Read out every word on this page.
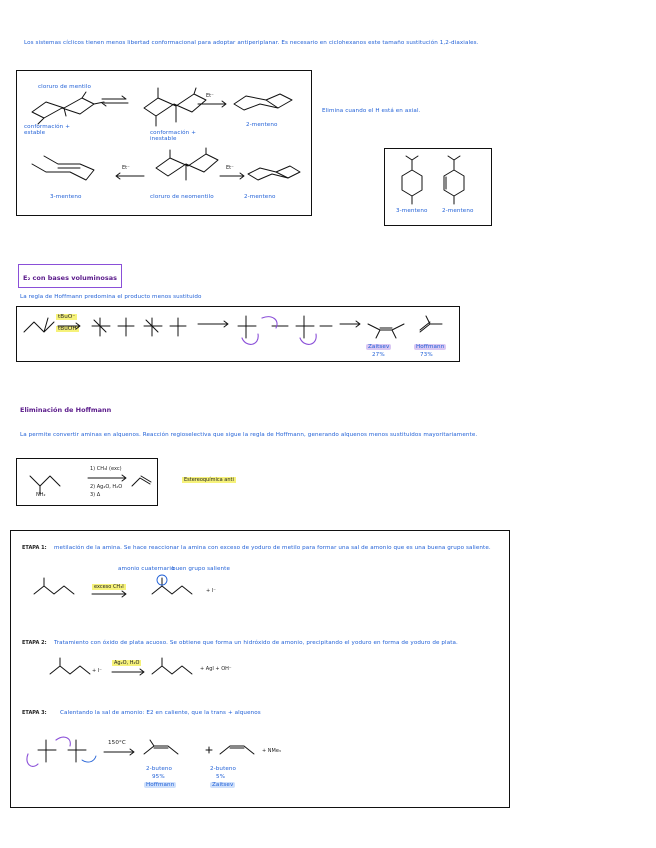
Los sistemas cíclicos tienen menos libertad conformacional para adoptar antiperiplanar. Es necesario en ciclohexanos este tamaño sustitución 1,2-diaxiales.
cloruro de mentilo
conformación + estable	conformación + inestable
Et⁻
2-menteno
3-menteno
Et⁻
cloruro de neomentilo
Et⁻
2-menteno
Elimina cuando el H está en axial.
3-menteno	2-menteno
E₂ con bases voluminosas
La regla de Hoffmann predomina el producto menos sustituido
tBuO⁻
tBuOH
Zaitsev
27%
Hoffmann
73%
Eliminación de Hoffmann
La permite convertir aminas en alquenos. Reacción regioselectiva que sigue la regla de Hoffmann, generando alquenos menos sustituidos mayoritariamente.
NH₂
1) CH₃I (exc)
2) Ag₂O, H₂O
3) Δ
Estereoquímica anti
ETAPA 1: metilación de la amina. Se hace reaccionar la amina con exceso de yoduro de metilo para formar una sal de amonio que es una buena grupo saliente.
exceso CH₃I
amonio cuaternario
buen grupo saliente
+ I⁻
ETAPA 2: Tratamiento con óxido de plata acuoso. Se obtiene que forma un hidróxido de amonio, precipitando el yoduro en forma de yoduro de plata.
+ I⁻
Ag₂O, H₂O
+ AgI + OH⁻
ETAPA 3: Calentando la sal de amonio: E2 en caliente, que la trans + alquenos
150°C
2-buteno
95%
Hoffmann
2-buteno
5%
Zaitsev
+ NMe₃
